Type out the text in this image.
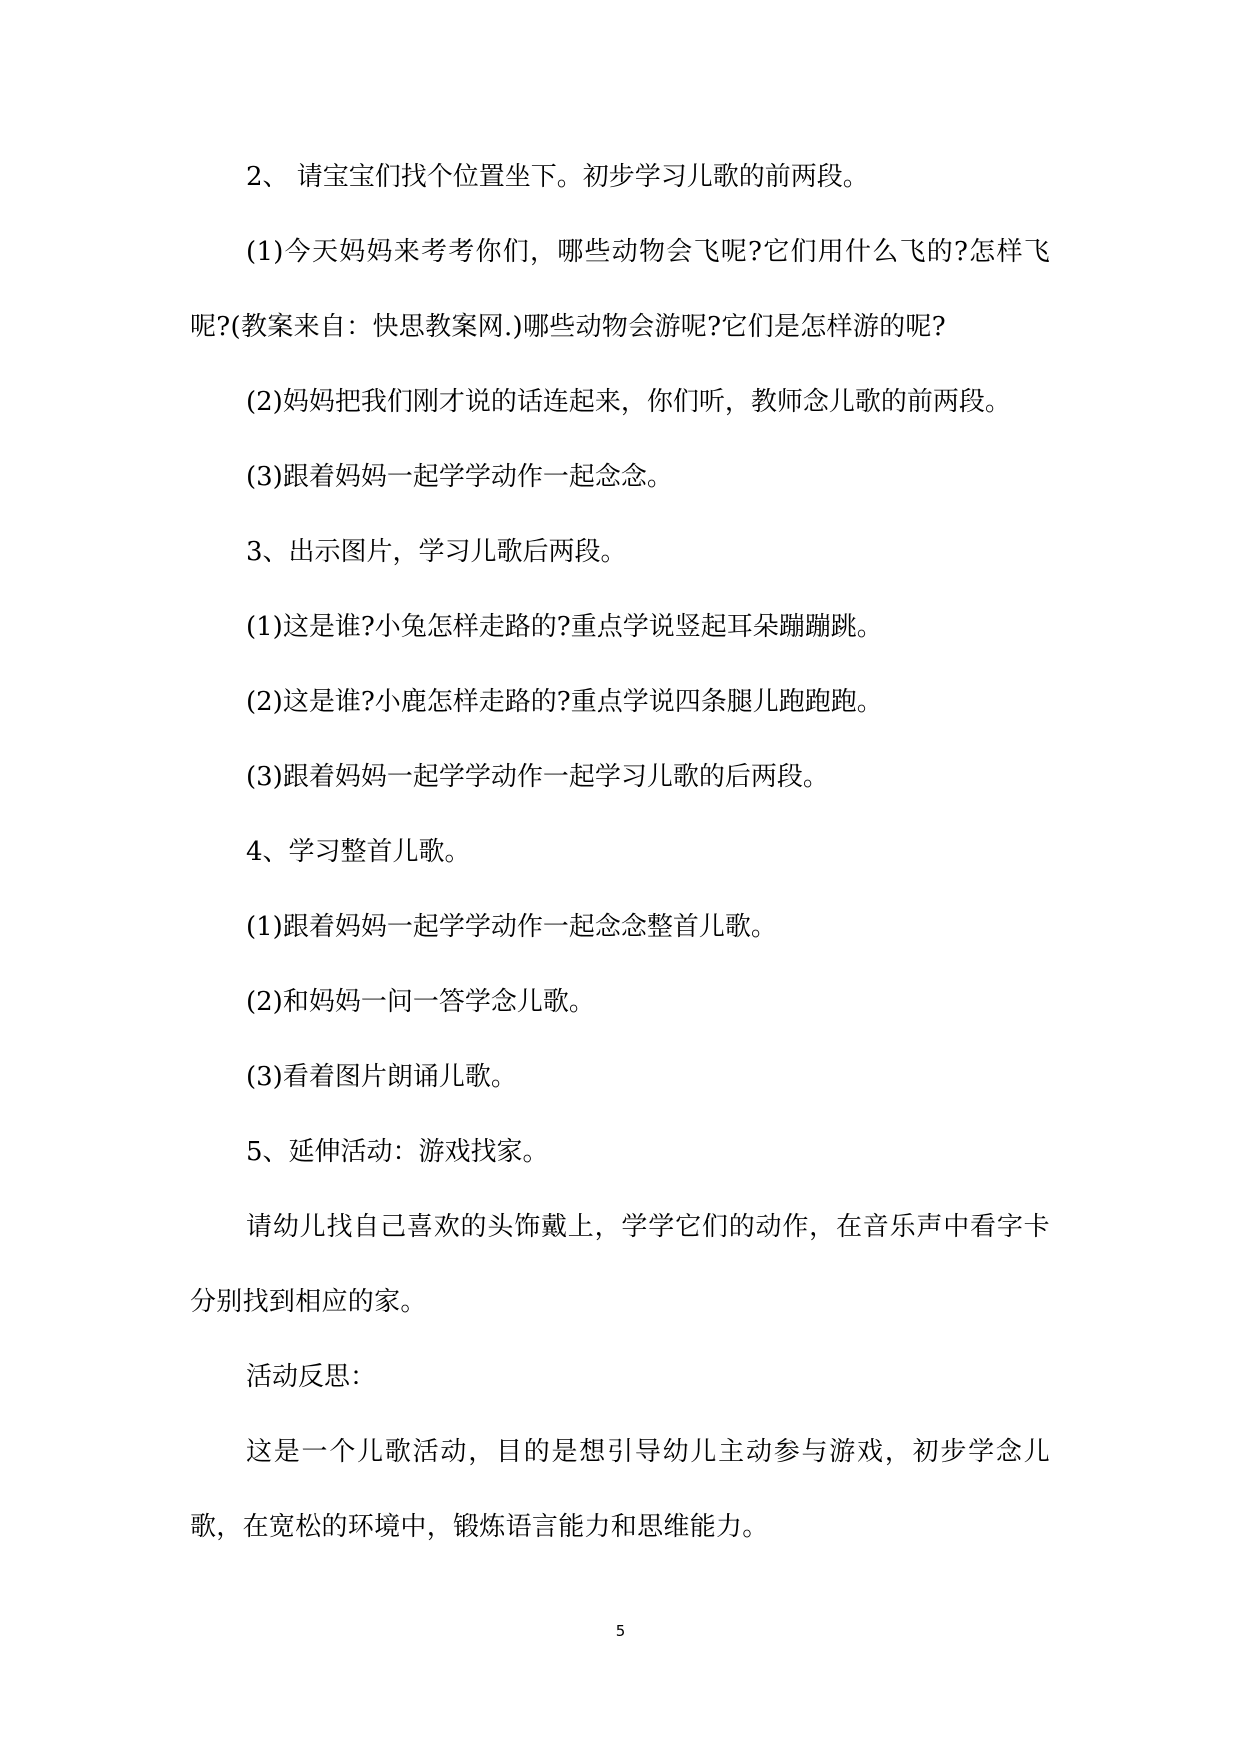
2、 请宝宝们找个位置坐下。初步学习儿歌的前两段。

(1)今天妈妈来考考你们，哪些动物会飞呢?它们用什么飞的?怎样飞呢?(教案来自：快思教案网.)哪些动物会游呢?它们是怎样游的呢?

(2)妈妈把我们刚才说的话连起来，你们听，教师念儿歌的前两段。

(3)跟着妈妈一起学学动作一起念念。

3、出示图片，学习儿歌后两段。

(1)这是谁?小兔怎样走路的?重点学说竖起耳朵蹦蹦跳。

(2)这是谁?小鹿怎样走路的?重点学说四条腿儿跑跑跑。

(3)跟着妈妈一起学学动作一起学习儿歌的后两段。

4、学习整首儿歌。

(1)跟着妈妈一起学学动作一起念念整首儿歌。

(2)和妈妈一问一答学念儿歌。

(3)看着图片朗诵儿歌。

5、延伸活动：游戏找家。

请幼儿找自己喜欢的头饰戴上，学学它们的动作，在音乐声中看字卡分别找到相应的家。

活动反思：

这是一个儿歌活动，目的是想引导幼儿主动参与游戏，初步学念儿歌，在宽松的环境中，锻炼语言能力和思维能力。

5
